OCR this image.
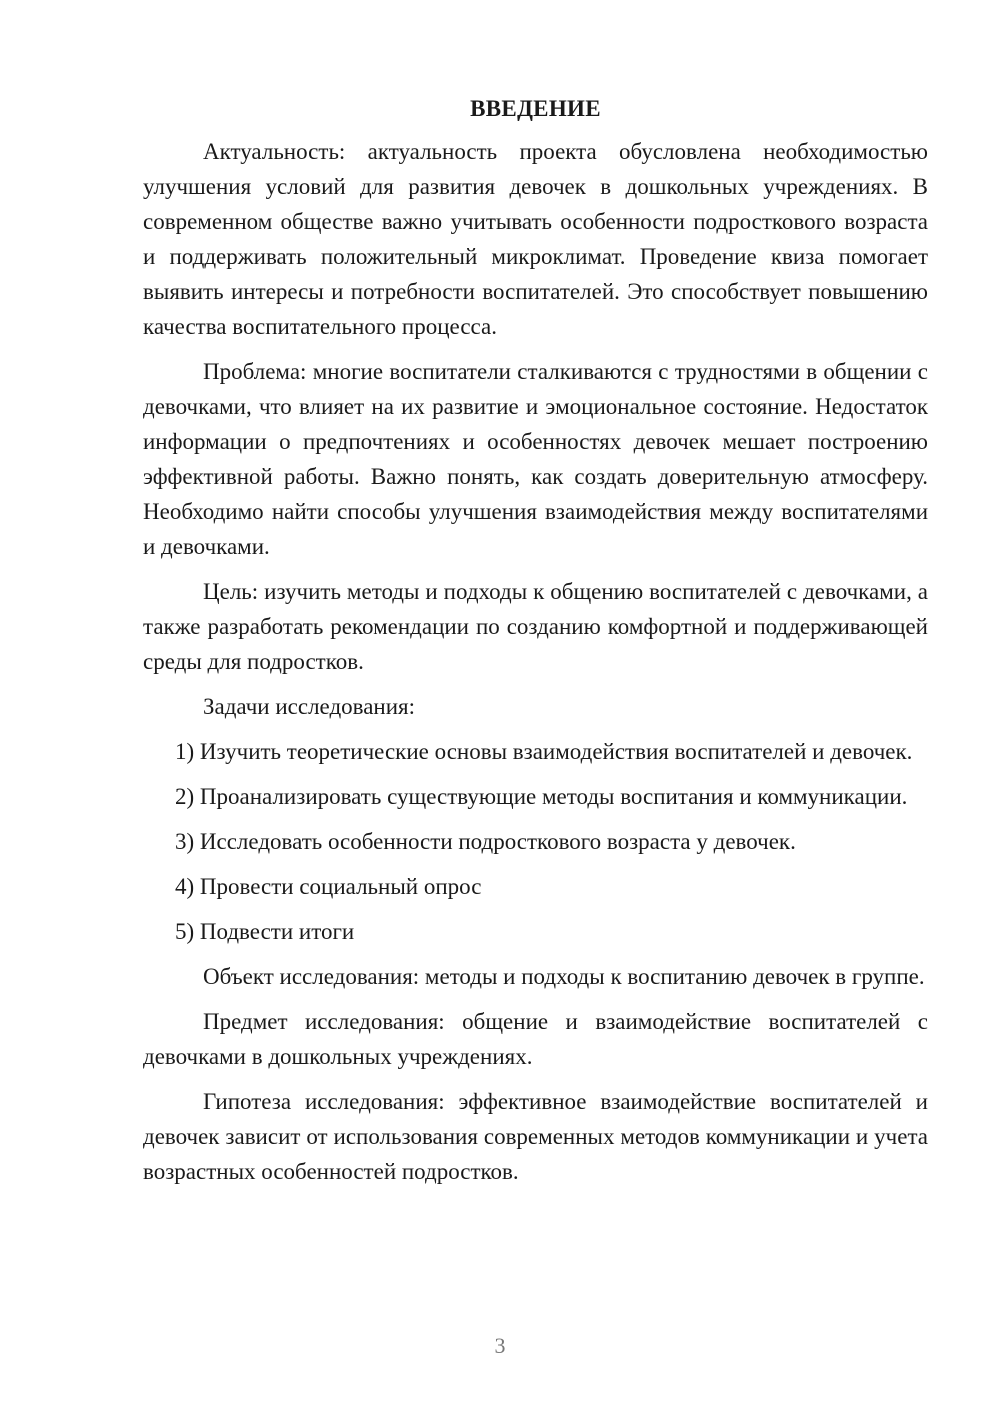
ВВЕДЕНИЕ

Актуальность: актуальность проекта обусловлена необходимостью улучшения условий для развития девочек в дошкольных учреждениях. В современном обществе важно учитывать особенности подросткового возраста и поддерживать положительный микроклимат. Проведение квиза помогает выявить интересы и потребности воспитателей. Это способствует повышению качества воспитательного процесса.

Проблема: многие воспитатели сталкиваются с трудностями в общении с девочками, что влияет на их развитие и эмоциональное состояние. Недостаток информации о предпочтениях и особенностях девочек мешает построению эффективной работы. Важно понять, как создать доверительную атмосферу. Необходимо найти способы улучшения взаимодействия между воспитателями и девочками.

Цель: изучить методы и подходы к общению воспитателей с девочками, а также разработать рекомендации по созданию комфортной и поддерживающей среды для подростков.

Задачи исследования:

1) Изучить теоретические основы взаимодействия воспитателей и девочек.

2) Проанализировать существующие методы воспитания и коммуникации.

3) Исследовать особенности подросткового возраста у девочек.

4) Провести социальный опрос

5) Подвести итоги

Объект исследования: методы и подходы к воспитанию девочек в группе.

Предмет исследования: общение и взаимодействие воспитателей с девочками в дошкольных учреждениях.

Гипотеза исследования: эффективное взаимодействие воспитателей и девочек зависит от использования современных методов коммуникации и учета возрастных особенностей подростков.

3
